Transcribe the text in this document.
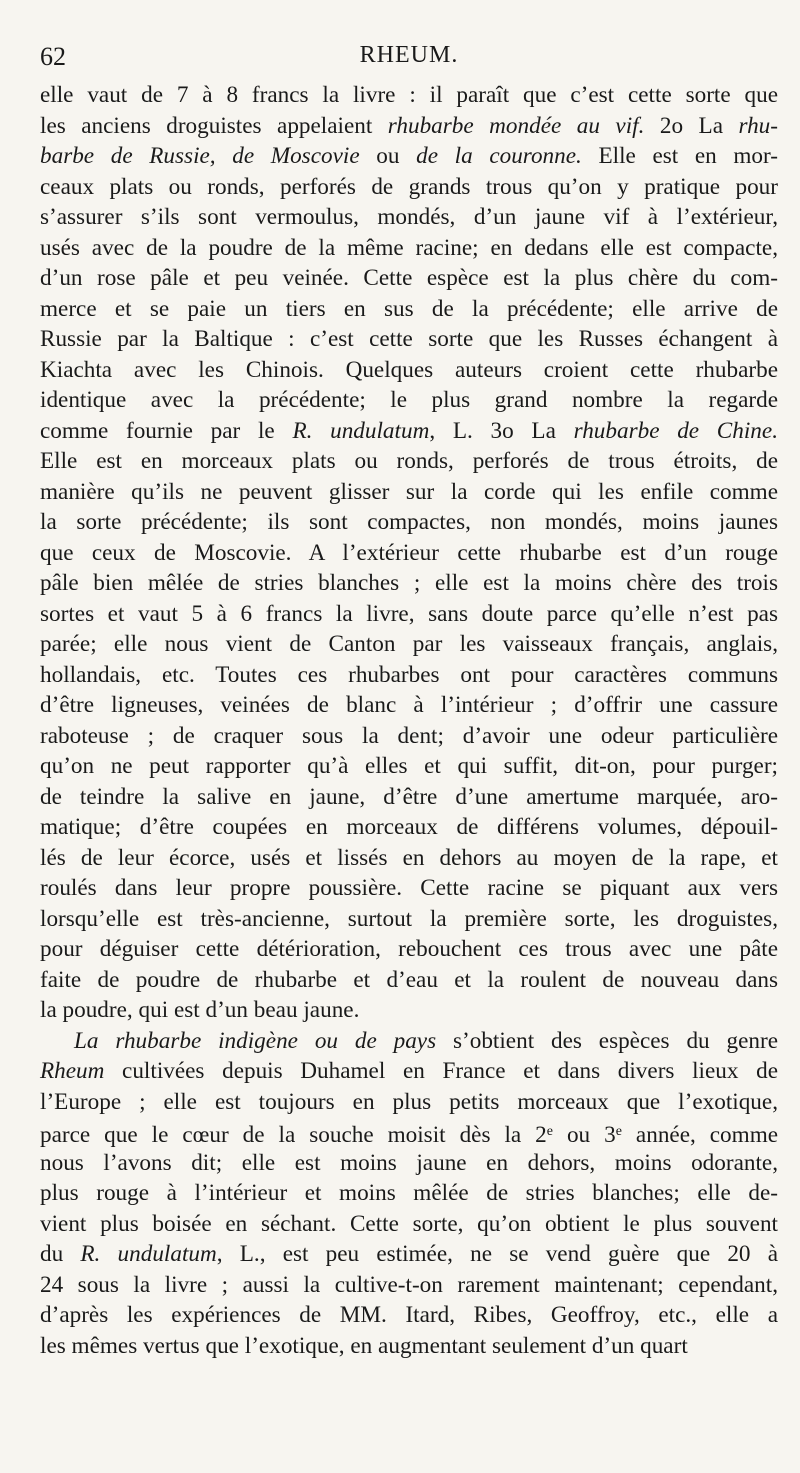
62	RHEUM.
elle vaut de 7 à 8 francs la livre : il paraît que c’est cette sorte que
les anciens droguistes appelaient rhubarbe mondée au vif. 2o La rhu-
barbe de Russie, de Moscovie ou de la couronne. Elle est en mor-
ceaux plats ou ronds, perforés de grands trous qu’on y pratique pour
s’assurer s’ils sont vermoulus, mondés, d’un jaune vif à l’extérieur,
usés avec de la poudre de la même racine; en dedans elle est compacte,
d’un rose pâle et peu veinée. Cette espèce est la plus chère du com-
merce et se paie un tiers en sus de la précédente; elle arrive de
Russie par la Baltique : c’est cette sorte que les Russes échangent à
Kiachta avec les Chinois. Quelques auteurs croient cette rhubarbe
identique avec la précédente; le plus grand nombre la regarde
comme fournie par le R. undulatum, L. 3o La rhubarbe de Chine.
Elle est en morceaux plats ou ronds, perforés de trous étroits, de
manière qu’ils ne peuvent glisser sur la corde qui les enfile comme
la sorte précédente; ils sont compactes, non mondés, moins jaunes
que ceux de Moscovie. A l’extérieur cette rhubarbe est d’un rouge
pâle bien mêlée de stries blanches ; elle est la moins chère des trois
sortes et vaut 5 à 6 francs la livre, sans doute parce qu’elle n’est pas
parée; elle nous vient de Canton par les vaisseaux français, anglais,
hollandais, etc. Toutes ces rhubarbes ont pour caractères communs
d’être ligneuses, veinées de blanc à l’intérieur ; d’offrir une cassure
raboteuse ; de craquer sous la dent; d’avoir une odeur particulière
qu’on ne peut rapporter qu’à elles et qui suffit, dit-on, pour purger;
de teindre la salive en jaune, d’être d’une amertume marquée, aro-
matique; d’être coupées en morceaux de différens volumes, dépouil-
lés de leur écorce, usés et lissés en dehors au moyen de la rape, et
roulés dans leur propre poussière. Cette racine se piquant aux vers
lorsqu’elle est très-ancienne, surtout la première sorte, les droguistes,
pour déguiser cette détérioration, rebouchent ces trous avec une pâte
faite de poudre de rhubarbe et d’eau et la roulent de nouveau dans
la poudre, qui est d’un beau jaune.
La rhubarbe indigène ou de pays s’obtient des espèces du genre
Rheum cultivées depuis Duhamel en France et dans divers lieux de
l’Europe ; elle est toujours en plus petits morceaux que l’exotique,
parce que le cœur de la souche moisit dès la 2e ou 3e année, comme
nous l’avons dit; elle est moins jaune en dehors, moins odorante,
plus rouge à l’intérieur et moins mêlée de stries blanches; elle de-
vient plus boisée en séchant. Cette sorte, qu’on obtient le plus souvent
du R. undulatum, L., est peu estimée, ne se vend guère que 20 à
24 sous la livre ; aussi la cultive-t-on rarement maintenant; cependant,
d’après les expériences de MM. Itard, Ribes, Geoffroy, etc., elle a
les mêmes vertus que l’exotique, en augmentant seulement d’un quart
